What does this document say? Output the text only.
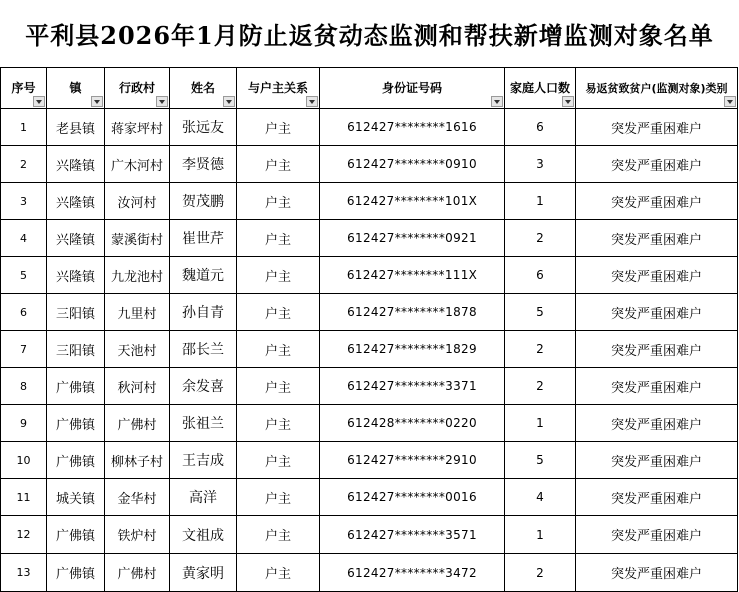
平利县2026年1月防止返贫动态监测和帮扶新增监测对象名单
序号	镇	行政村	姓名	与户主关系	身份证号码	家庭人口数	易返贫致贫户(监测对象)类别

1	老县镇	蒋家坪村	张远友	户主	612427********1616	6	突发严重困难户
2	兴隆镇	广木河村	李贤德	户主	612427********0910	3	突发严重困难户
3	兴隆镇	汝河村	贺茂鹏	户主	612427********101X	1	突发严重困难户
4	兴隆镇	蒙溪街村	崔世芹	户主	612427********0921	2	突发严重困难户
5	兴隆镇	九龙池村	魏道元	户主	612427********111X	6	突发严重困难户
6	三阳镇	九里村	孙自青	户主	612427********1878	5	突发严重困难户
7	三阳镇	天池村	邵长兰	户主	612427********1829	2	突发严重困难户
8	广佛镇	秋河村	余发喜	户主	612427********3371	2	突发严重困难户
9	广佛镇	广佛村	张祖兰	户主	612428********0220	1	突发严重困难户
10	广佛镇	柳林子村	王吉成	户主	612427********2910	5	突发严重困难户
11	城关镇	金华村	高洋	户主	612427********0016	4	突发严重困难户
12	广佛镇	铁炉村	文祖成	户主	612427********3571	1	突发严重困难户
13	广佛镇	广佛村	黄家明	户主	612427********3472	2	突发严重困难户
